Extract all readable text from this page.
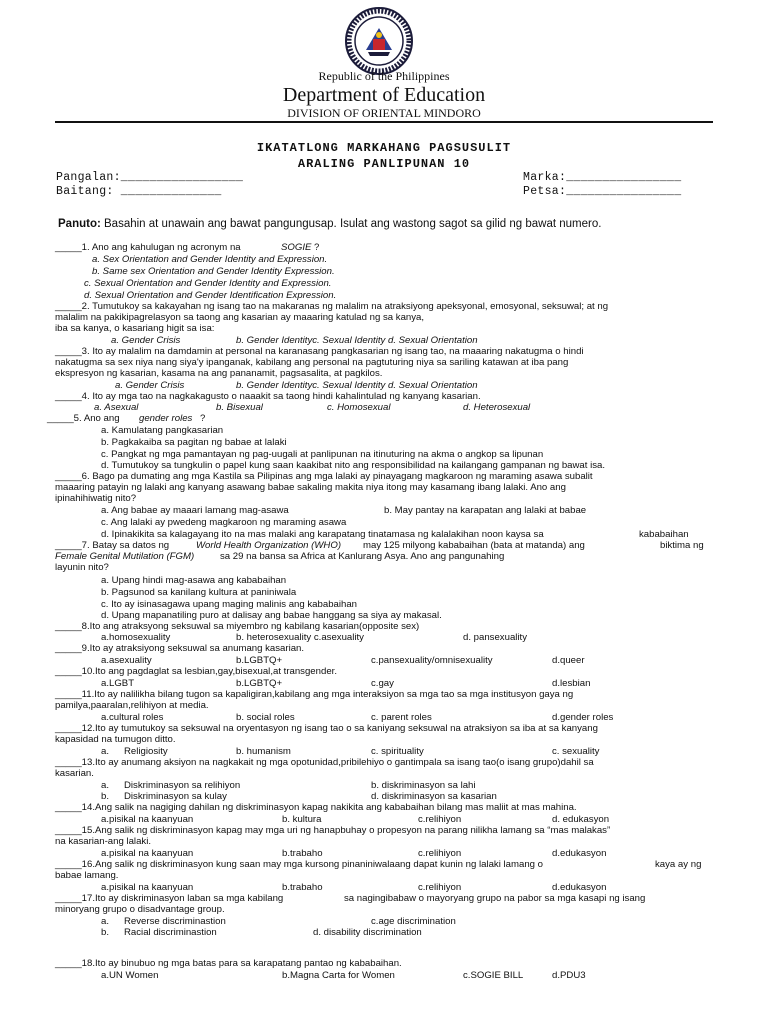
Republic of the Philippines
Department of Education
DIVISION OF ORIENTAL MINDORO
IKATATLONG MARKAHANG PAGSUSULIT
ARALING PANLIPUNAN 10
Pangalan:_________________
Baitang: ______________
Marka:________________
Petsa:________________
Panuto: Basahin at unawain ang bawat pangungusap. Isulat ang wastong sagot sa gilid ng bawat numero.
_____1. Ano ang kahulugan ng acronym na	SOGIE ?
a. Sex Orientation and Gender Identity and Expression.
b. Same sex Orientation and Gender Identity Expression.
c. Sexual Orientation and Gender Identity and Expression.
d. Sexual Orientation and Gender Identification Expression.
_____2. Tumutukoy sa kakayahan ng isang tao na makaranas ng malalim na atraksiyong apeksyonal, emosyonal, seksuwal; at ng
malalim na pakikipagrelasyon sa taong ang kasarian ay maaaring katulad ng sa kanya,
iba sa kanya, o kasariang higit sa isa:
a. Gender Crisis	b. Gender Identityc. Sexual Identity d. Sexual Orientation
_____3. Ito ay malalim na damdamin at personal na karanasang pangkasarian ng isang tao, na maaaring nakatugma o hindi
nakatugma sa sex niya nang siya'y ipanganak, kabilang ang personal na pagtuturing niya sa sariling katawan at iba pang
ekspresyon ng kasarian, kasama na ang pananamit, pagsasalita, at pagkilos.
a. Gender Crisis	b. Gender Identityc. Sexual Identity d. Sexual Orientation
_____4. Ito ay mga tao na nagkakagusto o naaakit sa taong hindi kahalintulad ng kanyang kasarian.
a. Asexual	b. Bisexual	c. Homosexual	d. Heterosexual
_____5. Ano ang gender roles ?
a. Kamulatang pangkasarian
b. Pagkakaiba sa pagitan ng babae at lalaki
c. Pangkat ng mga pamantayan ng pag-uugali at panlipunan na itinuturing na akma o angkop sa lipunan
d. Tumutukoy sa tungkulin o papel kung saan kaakibat nito ang responsibilidad na kailangang gampanan ng bawat isa.
_____6. Bago pa dumating ang mga Kastila sa Pilipinas ang mga lalaki ay pinayagang magkaroon ng maraming asawa subalit
maaaring patayin ng lalaki ang kanyang asawang babae sakaling makita niya itong may kasamang ibang lalaki. Ano ang
ipinahihiwatig nito?
a. Ang babae ay maaari lamang mag-asawa	b. May pantay na karapatan ang lalaki at babae
c. Ang lalaki ay pwedeng magkaroon ng maraming asawa
d. Ipinakikita sa kalagayang ito na mas malaki ang karapatang tinatamasa ng kalalakihan noon kaysa sa	kababaihan
_____7. Batay sa datos ng	World Health Organization (WHO) may 125 milyong kababaihan (bata at matanda) ang	biktima ng
Female Genital Mutilation (FGM)	sa 29 na bansa sa Africa at Kanlurang Asya. Ano ang pangunahing
layunin nito?
a. Upang hindi mag-asawa ang kababaihan
b. Pagsunod sa kanilang kultura at paniniwala
c. Ito ay isinasagawa upang maging malinis ang kababaihan
d. Upang mapanatiling puro at dalisay ang babae hanggang sa siya ay makasal.
_____8.Ito ang atraksyong seksuwal sa miyembro ng kabilang kasarian(opposite sex)
a.homosexuality	b. heterosexuality c.asexuality	d. pansexuality
_____9.Ito ay atraksiyong seksuwal sa anumang kasarian.
a.asexuality	b.LGBTQ+	c.pansexuality/omnisexuality	d.queer
_____10.Ito ang pagdaglat sa lesbian,gay,bisexual,at transgender.
a.LGBT	b.LGBTQ+	c.gay	d.lesbian
_____11.Ito ay nalilikha bilang tugon sa kapaligiran,kabilang ang mga interaksiyon sa mga tao sa mga institusyon gaya ng
pamilya,paaralan,relihiyon at media.
a.cultural roles	b. social roles	c. parent roles	d.gender roles
_____12.Ito ay tumutukoy sa seksuwal na oryentasyon ng isang tao o sa kaniyang seksuwal na atraksiyon sa iba at sa kanyang
kapasidad na tumugon ditto.
a. Religiosity	b. humanism	c. spirituality	c. sexuality
_____13.Ito ay anumang aksiyon na nagkakait ng mga opotunidad,pribilehiyo o gantimpala sa isang tao(o isang grupo)dahil sa
kasarian.
a. Diskriminasyon sa relihiyon	b. diskriminasyon sa lahi
b. Diskriminasyon sa kulay	d. diskriminasyon sa kasarian
_____14.Ang salik na nagiging dahilan ng diskriminasyon kapag nakikita ang kababaihan bilang mas maliit at mas mahina.
a.pisikal na kaanyuan	b. kultura	c.relihiyon	d. edukasyon
_____15.Ang salik ng diskriminasyon kapag may mga uri ng hanapbuhay o propesyon na parang nilikha lamang sa “mas malakas”
na kasarian-ang lalaki.
a.pisikal na kaanyuan	b.trabaho	c.relihiyon	d.edukasyon
_____16.Ang salik ng diskriminasyon kung saan may mga kursong pinaniniwalaang dapat kunin ng lalaki lamang o	kaya ay ng
babae lamang.
a.pisikal na kaanyuan	b.trabaho	c.relihiyon	d.edukasyon
_____17.Ito ay diskriminasyon laban sa mga kabilang	sa nagingibabaw o mayoryang grupo na pabor sa mga kasapi ng isang
minoryang grupo o disadvantage group.
a. Reverse discriminastion	c.age discrimination
b. Racial discriminastion	d. disability discrimination
_____18.Ito ay binubuo ng mga batas para sa karapatang pantao ng kababaihan.
a.UN Women	b.Magna Carta for Women	c.SOGIE BILL	d.PDU3
